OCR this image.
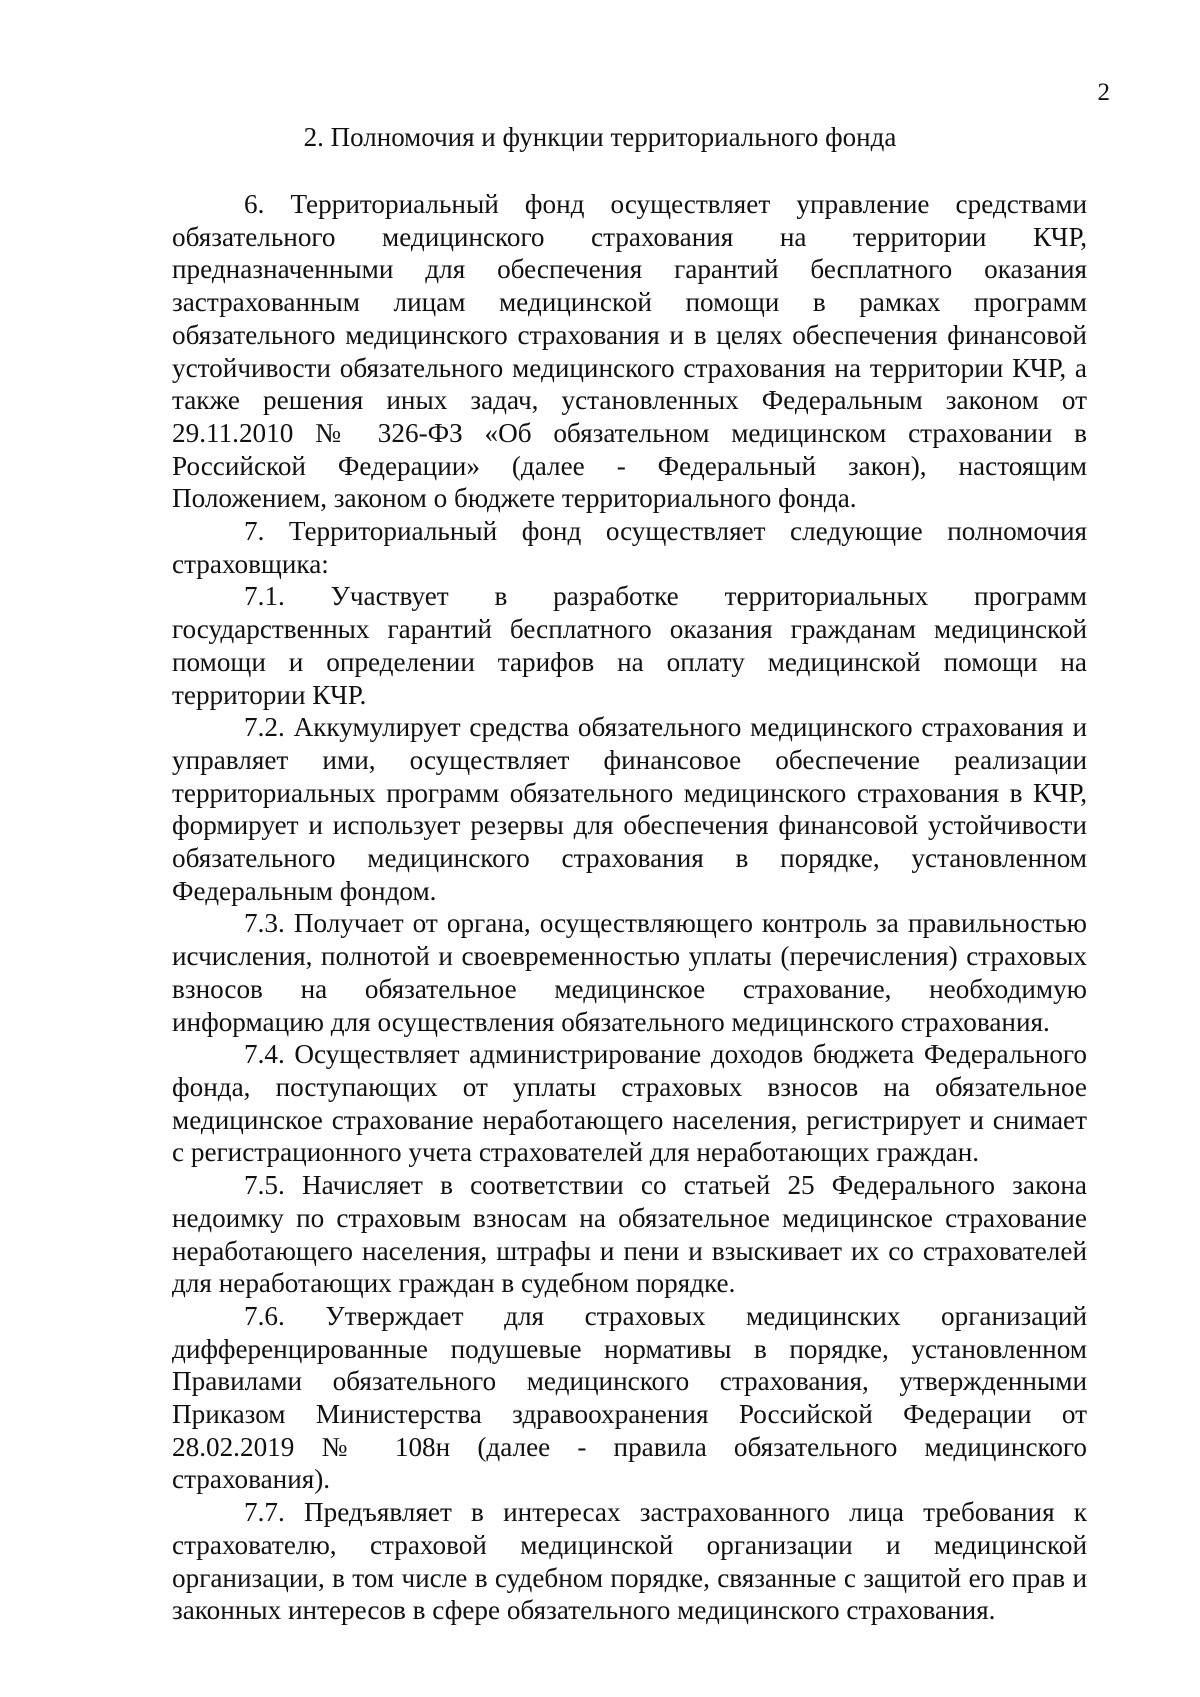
2
2. Полномочия и функции территориального фонда

6. Территориальный фонд осуществляет управление средствами обязательного медицинского страхования на территории КЧР, предназначенными для обеспечения гарантий бесплатного оказания застрахованным лицам медицинской помощи в рамках программ обязательного медицинского страхования и в целях обеспечения финансовой устойчивости обязательного медицинского страхования на территории КЧР, а также решения иных задач, установленных Федеральным законом от 29.11.2010 № 326-ФЗ «Об обязательном медицинском страховании в Российской Федерации» (далее - Федеральный закон), настоящим Положением, законом о бюджете территориального фонда.

7. Территориальный фонд осуществляет следующие полномочия страховщика:

7.1. Участвует в разработке территориальных программ государственных гарантий бесплатного оказания гражданам медицинской помощи и определении тарифов на оплату медицинской помощи на территории КЧР.

7.2. Аккумулирует средства обязательного медицинского страхования и управляет ими, осуществляет финансовое обеспечение реализации территориальных программ обязательного медицинского страхования в КЧР, формирует и использует резервы для обеспечения финансовой устойчивости обязательного медицинского страхования в порядке, установленном Федеральным фондом.

7.3. Получает от органа, осуществляющего контроль за правильностью исчисления, полнотой и своевременностью уплаты (перечисления) страховых взносов на обязательное медицинское страхование, необходимую информацию для осуществления обязательного медицинского страхования.

7.4. Осуществляет администрирование доходов бюджета Федерального фонда, поступающих от уплаты страховых взносов на обязательное медицинское страхование неработающего населения, регистрирует и снимает с регистрационного учета страхователей для неработающих граждан.

7.5. Начисляет в соответствии со статьей 25 Федерального закона недоимку по страховым взносам на обязательное медицинское страхование неработающего населения, штрафы и пени и взыскивает их со страхователей для неработающих граждан в судебном порядке.

7.6. Утверждает для страховых медицинских организаций дифференцированные подушевые нормативы в порядке, установленном Правилами обязательного медицинского страхования, утвержденными Приказом Министерства здравоохранения Российской Федерации от 28.02.2019 № 108н (далее - правила обязательного медицинского страхования).

7.7. Предъявляет в интересах застрахованного лица требования к страхователю, страховой медицинской организации и медицинской организации, в том числе в судебном порядке, связанные с защитой его прав и законных интересов в сфере обязательного медицинского страхования.
